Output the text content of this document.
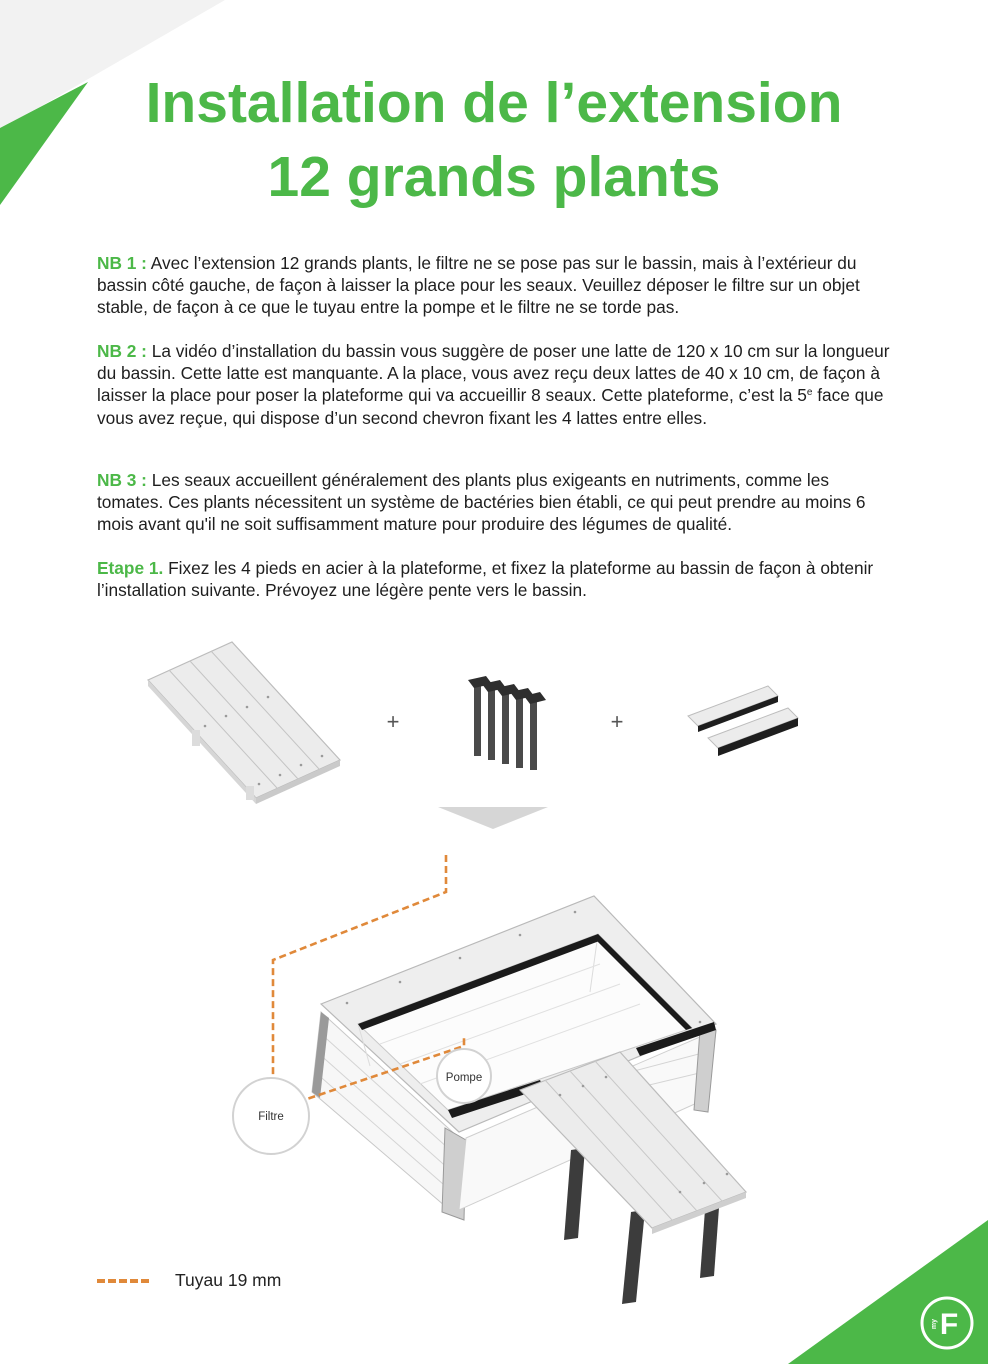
Installation de l’extension
12 grands plants

NB 1 : Avec l’extension 12 grands plants, le filtre ne se pose pas sur le bassin, mais à l’extérieur du bassin côté gauche, de façon à laisser la place pour les seaux. Veuillez déposer le filtre sur un objet stable, de façon à ce que le tuyau entre la pompe et le filtre ne se torde pas.

NB 2 : La vidéo d’installation du bassin vous suggère de poser une latte de 120 x 10 cm sur la longueur du bassin. Cette latte est manquante. A la place, vous avez reçu deux lattes de 40 x 10 cm, de façon à laisser la place pour poser la plateforme qui va accueillir 8 seaux. Cette plateforme, c’est la 5e face que vous avez reçue, qui dispose d’un second chevron fixant les 4 lattes entre elles.

NB 3 : Les seaux accueillent généralement des plants plus exigeants en nutriments, comme les tomates. Ces plants nécessitent un système de bactéries bien établi, ce qui peut prendre au moins 6 mois avant qu'il ne soit suffisamment mature pour produire des légumes de qualité.

Etape 1. Fixez les 4 pieds en acier à la plateforme, et fixez la plateforme au bassin de façon à obtenir l’installation suivante. Prévoyez une légère pente vers le bassin.

+	+
Pompe
Filtre
Tuyau 19 mm
F
my
